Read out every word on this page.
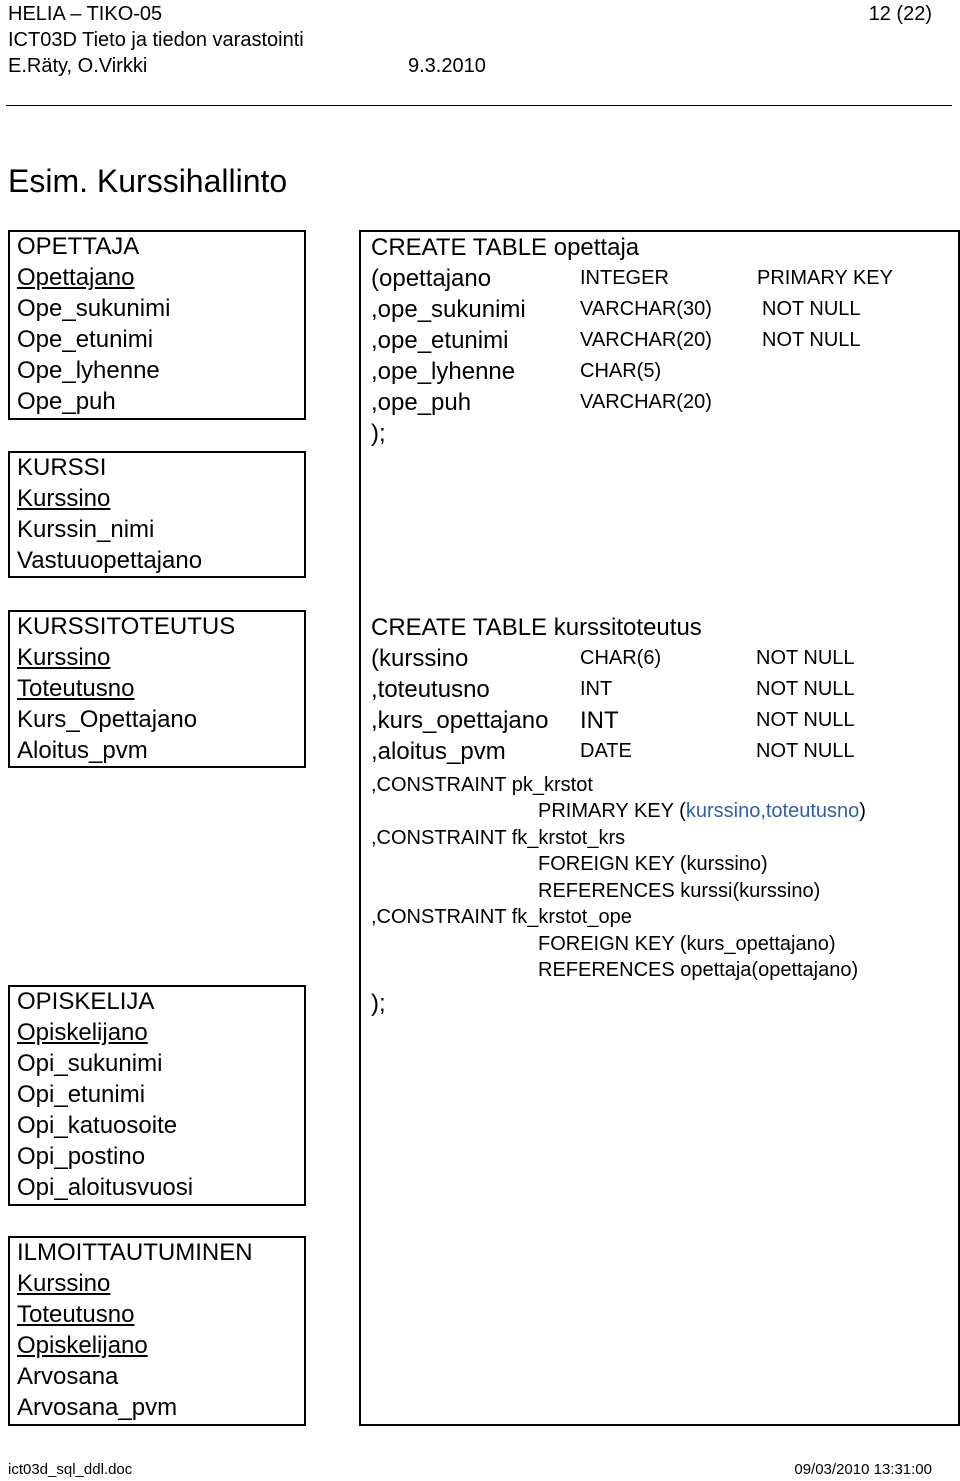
HELIA – TIKO-05	12 (22)
ICT03D Tieto ja tiedon varastointi
E.Räty, O.Virkki	9.3.2010
Esim. Kurssihallinto
OPETTAJA
Opettajano
Ope_sukunimi
Ope_etunimi
Ope_lyhenne
Ope_puh
KURSSI
Kurssino
Kurssin_nimi
Vastuuopettajano
KURSSITOTEUTUS
Kurssino
Toteutusno
Kurs_Opettajano
Aloitus_pvm
OPISKELIJA
Opiskelijano
Opi_sukunimi
Opi_etunimi
Opi_katuosoite
Opi_postino
Opi_aloitusvuosi
ILMOITTAUTUMINEN
Kurssino
Toteutusno
Opiskelijano
Arvosana
Arvosana_pvm
CREATE TABLE opettaja
(opettajano	INTEGER	PRIMARY KEY
,ope_sukunimi	VARCHAR(30)	NOT NULL
,ope_etunimi	VARCHAR(20)	NOT NULL
,ope_lyhenne	CHAR(5)
,ope_puh	VARCHAR(20)
);
CREATE TABLE kurssitoteutus
(kurssino	CHAR(6)	NOT NULL
,toteutusno	INT	NOT NULL
,kurs_opettajano INT	NOT NULL
,aloitus_pvm	DATE	NOT NULL
,CONSTRAINT pk_krstot
PRIMARY KEY (kurssino,toteutusno)
,CONSTRAINT fk_krstot_krs
FOREIGN KEY (kurssino)
REFERENCES kurssi(kurssino)
,CONSTRAINT fk_krstot_ope
FOREIGN KEY (kurs_opettajano)
REFERENCES opettaja(opettajano)
);
ict03d_sql_ddl.doc	09/03/2010 13:31:00
